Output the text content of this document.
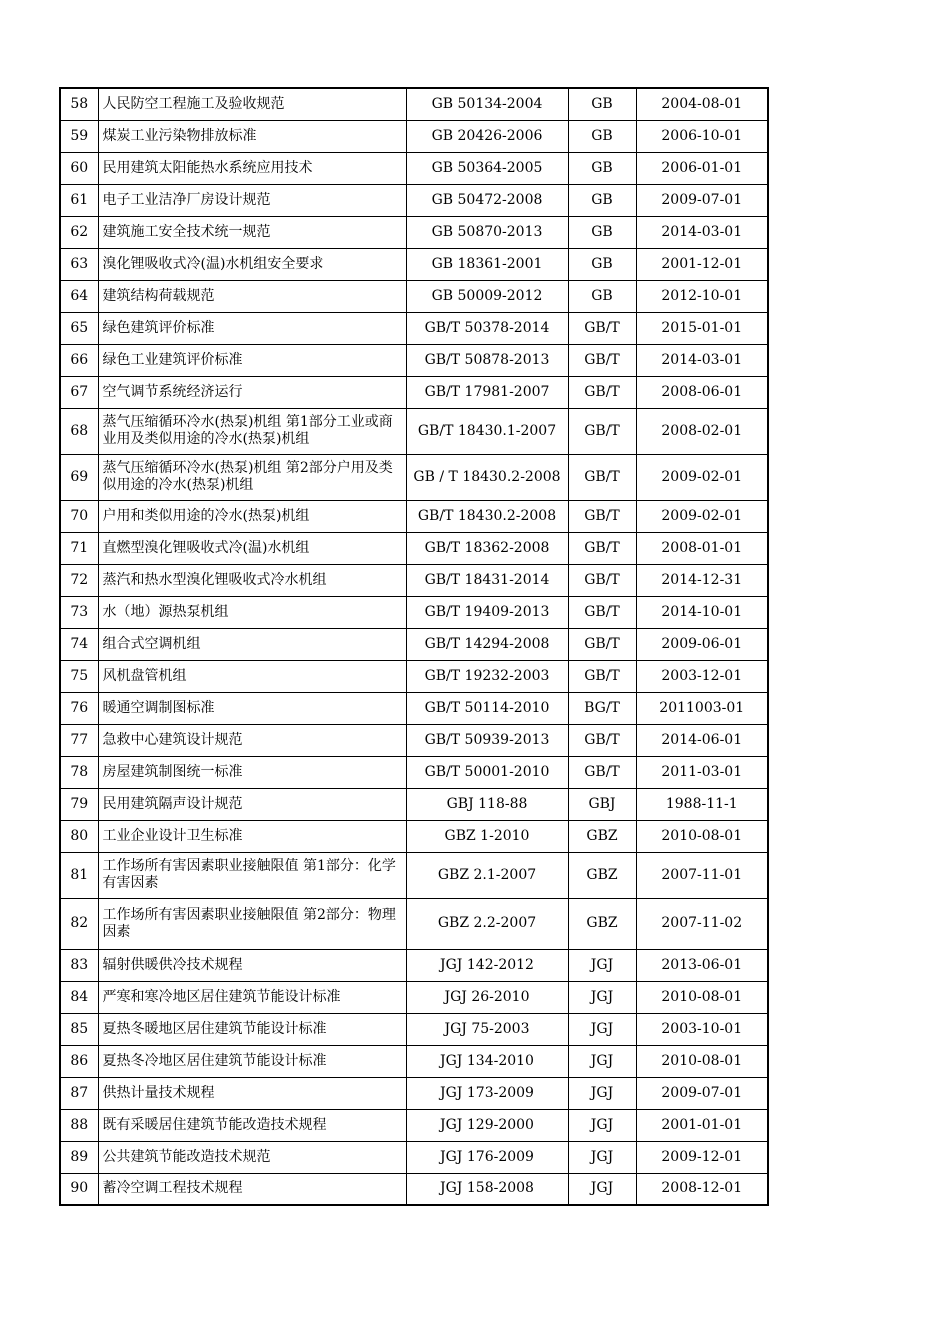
58	人民防空工程施工及验收规范	GB 50134-2004	GB	2004-08-01
59	煤炭工业污染物排放标准	GB 20426-2006	GB	2006-10-01
60	民用建筑太阳能热水系统应用技术	GB 50364-2005	GB	2006-01-01
61	电子工业洁净厂房设计规范	GB 50472-2008	GB	2009-07-01
62	建筑施工安全技术统一规范	GB 50870-2013	GB	2014-03-01
63	溴化锂吸收式冷(温)水机组安全要求	GB 18361-2001	GB	2001-12-01
64	建筑结构荷载规范	GB 50009-2012	GB	2012-10-01
65	绿色建筑评价标准	GB/T 50378-2014	GB/T	2015-01-01
66	绿色工业建筑评价标准	GB/T 50878-2013	GB/T	2014-03-01
67	空气调节系统经济运行	GB/T 17981-2007	GB/T	2008-06-01
68	蒸气压缩循环冷水(热泵)机组 第1部分工业或商业用及类似用途的冷水(热泵)机组	GB/T 18430.1-2007	GB/T	2008-02-01
69	蒸气压缩循环冷水(热泵)机组 第2部分户用及类似用途的冷水(热泵)机组	GB / T 18430.2-2008	GB/T	2009-02-01
70	户用和类似用途的冷水(热泵)机组	GB/T 18430.2-2008	GB/T	2009-02-01
71	直燃型溴化锂吸收式冷(温)水机组	GB/T 18362-2008	GB/T	2008-01-01
72	蒸汽和热水型溴化锂吸收式冷水机组	GB/T 18431-2014	GB/T	2014-12-31
73	水（地）源热泵机组	GB/T 19409-2013	GB/T	2014-10-01
74	组合式空调机组	GB/T 14294-2008	GB/T	2009-06-01
75	风机盘管机组	GB/T 19232-2003	GB/T	2003-12-01
76	暖通空调制图标准	GB/T 50114-2010	BG/T	2011003-01
77	急救中心建筑设计规范	GB/T 50939-2013	GB/T	2014-06-01
78	房屋建筑制图统一标准	GB/T 50001-2010	GB/T	2011-03-01
79	民用建筑隔声设计规范	GBJ 118-88	GBJ	1988-11-1
80	工业企业设计卫生标准	GBZ 1-2010	GBZ	2010-08-01
81	工作场所有害因素职业接触限值 第1部分：化学有害因素	GBZ 2.1-2007	GBZ	2007-11-01
82	工作场所有害因素职业接触限值 第2部分：物理因素	GBZ 2.2-2007	GBZ	2007-11-02
83	辐射供暖供冷技术规程	JGJ 142-2012	JGJ	2013-06-01
84	严寒和寒冷地区居住建筑节能设计标准	JGJ 26-2010	JGJ	2010-08-01
85	夏热冬暖地区居住建筑节能设计标准	JGJ 75-2003	JGJ	2003-10-01
86	夏热冬冷地区居住建筑节能设计标准	JGJ 134-2010	JGJ	2010-08-01
87	供热计量技术规程	JGJ 173-2009	JGJ	2009-07-01
88	既有采暖居住建筑节能改造技术规程	JGJ 129-2000	JGJ	2001-01-01
89	公共建筑节能改造技术规范	JGJ 176-2009	JGJ	2009-12-01
90	蓄冷空调工程技术规程	JGJ 158-2008	JGJ	2008-12-01
